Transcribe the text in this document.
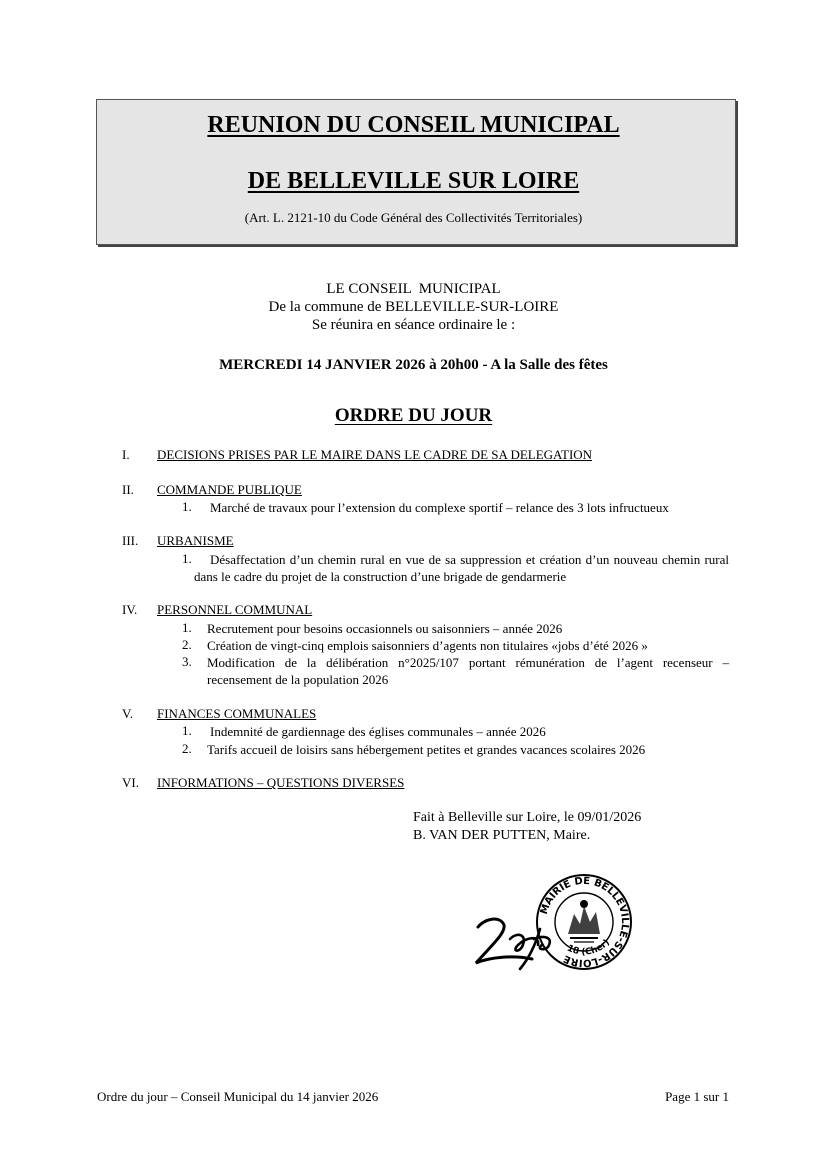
REUNION DU CONSEIL MUNICIPAL
DE BELLEVILLE SUR LOIRE
(Art. L. 2121-10 du Code Général des Collectivités Territoriales)
LE CONSEIL  MUNICIPAL
De la commune de BELLEVILLE-SUR-LOIRE
Se réunira en séance ordinaire le :
MERCREDI 14 JANVIER 2026 à 20h00 - A la Salle des fêtes
ORDRE DU JOUR
I. DECISIONS PRISES PAR LE MAIRE DANS LE CADRE DE SA DELEGATION
II. COMMANDE PUBLIQUE
1. Marché de travaux pour l’extension du complexe sportif – relance des 3 lots infructueux
III. URBANISME
1.	Désaffectation d’un chemin rural en vue de sa suppression et création d’un nouveau chemin rural dans le cadre du projet de la construction d’une brigade de gendarmerie
IV. PERSONNEL COMMUNAL
1. Recrutement pour besoins occasionnels ou saisonniers – année 2026
2. Création de vingt-cinq emplois saisonniers d’agents non titulaires «jobs d’été 2026 »
3. Modification de la délibération n°2025/107 portant rémunération de l’agent recenseur – recensement de la population 2026
V. FINANCES COMMUNALES
1. Indemnité de gardiennage des églises communales – année 2026
2. Tarifs accueil de loisirs sans hébergement petites et grandes vacances scolaires 2026
VI. INFORMATIONS – QUESTIONS DIVERSES
Fait à Belleville sur Loire, le 09/01/2026
B. VAN DER PUTTEN, Maire.
MAIRIE DE BELLEVILLE-SUR-LOIRE
18 (Cher)
Ordre du jour – Conseil Municipal du 14 janvier 2026	Page 1 sur 1
